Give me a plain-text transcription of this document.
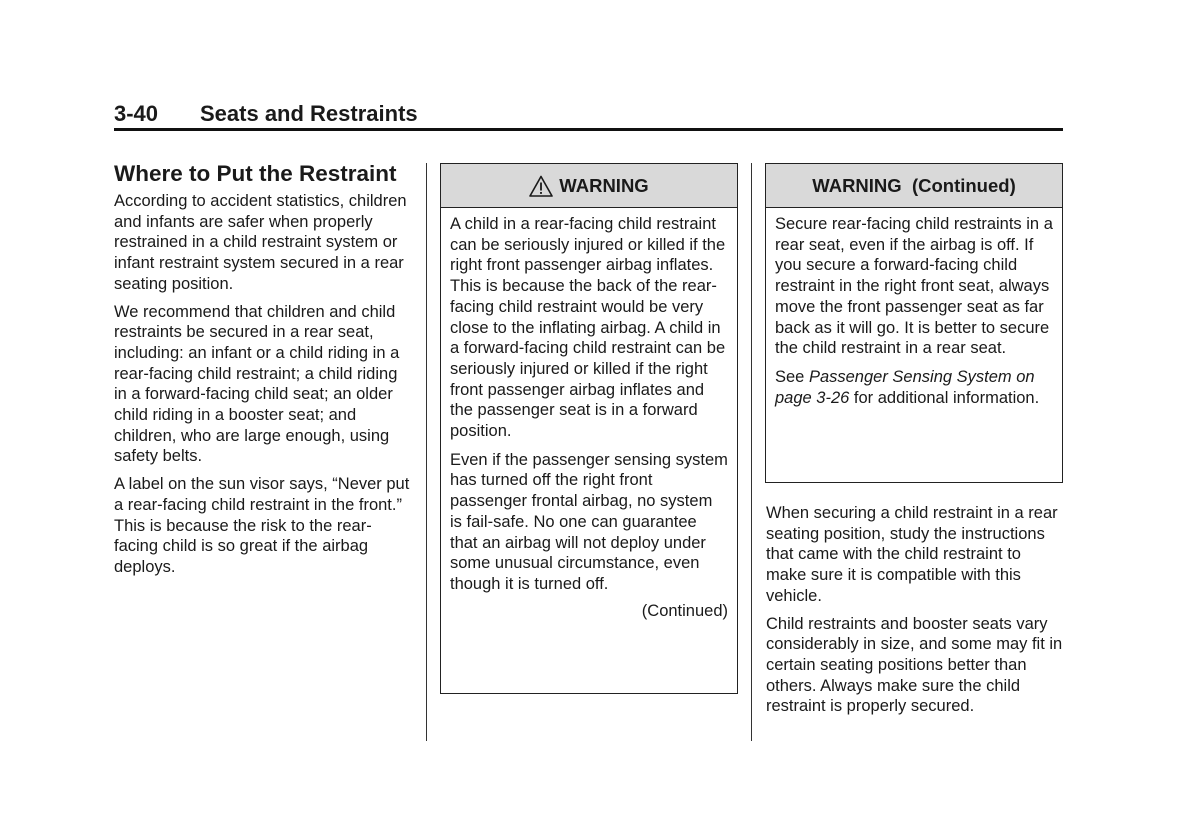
3-40 Seats and Restraints
Where to Put the Restraint

According to accident statistics, children and infants are safer when properly restrained in a child restraint system or infant restraint system secured in a rear seating position.

We recommend that children and child restraints be secured in a rear seat, including: an infant or a child riding in a rear-facing child restraint; a child riding in a forward-facing child seat; an older child riding in a booster seat; and children, who are large enough, using safety belts.

A label on the sun visor says, “Never put a rear-facing child restraint in the front.” This is because the risk to the rear-facing child is so great if the airbag deploys.

WARNING

A child in a rear-facing child restraint can be seriously injured or killed if the right front passenger airbag inflates. This is because the back of the rear-facing child restraint would be very close to the inflating airbag. A child in a forward-facing child restraint can be seriously injured or killed if the right front passenger airbag inflates and the passenger seat is in a forward position.

Even if the passenger sensing system has turned off the right front passenger frontal airbag, no system is fail-safe. No one can guarantee that an airbag will not deploy under some unusual circumstance, even though it is turned off.

(Continued)
WARNING  (Continued)

Secure rear-facing child restraints in a rear seat, even if the airbag is off. If you secure a forward-facing child restraint in the right front seat, always move the front passenger seat as far back as it will go. It is better to secure the child restraint in a rear seat.

See Passenger Sensing System on page 3-26 for additional information.

When securing a child restraint in a rear seating position, study the instructions that came with the child restraint to make sure it is compatible with this vehicle.

Child restraints and booster seats vary considerably in size, and some may fit in certain seating positions better than others. Always make sure the child restraint is properly secured.
